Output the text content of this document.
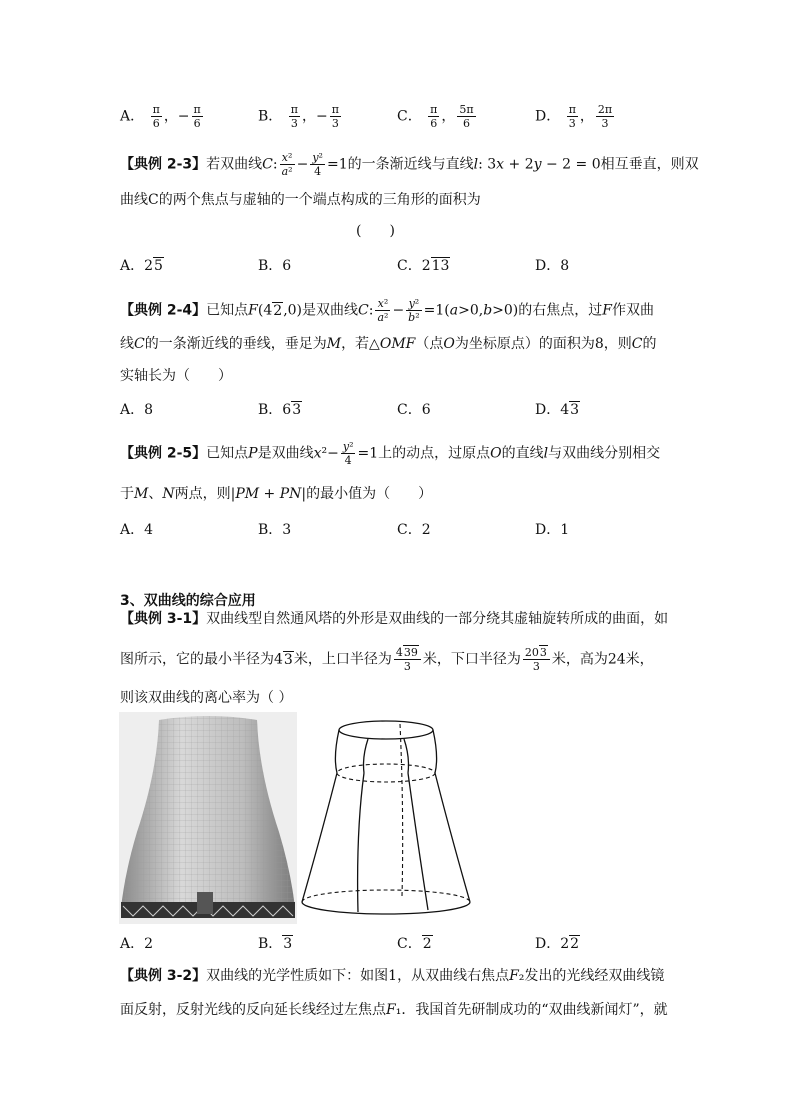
A． $\frac{\pi}{6}$ ，− $\frac{\pi}{6}$	B． $\frac{\pi}{3}$ ，− $\frac{\pi}{3}$	C． $\frac{\pi}{6}$ ， $\frac{5\pi}{6}$	D． $\frac{\pi}{3}$ ， $\frac{2\pi}{3}$
【典例 2-3】若双曲线C: $\frac{\text{x²}}{\text{a²}} - \frac{\text{y²}}{4} =1$的一条渐近线与直线l: 3x + 2y − 2 = 0相互垂直，则双
曲线C的两个焦点与虚轴的一个端点构成的三角形的面积为
(　　)
A．25	B．6	C．213	D．8
【典例 2-4】已知点F(42,0)是双曲线C: $\frac{\text{x²}}{\text{a²}} - \frac{\text{y²}}{\text{b²}} =1(a>0,b>0)$的右焦点，过F作双曲
线C的一条渐近线的垂线，垂足为M，若△OMF（点O为坐标原点）的面积为8，则C的
实轴长为（　　）
A．8	B．63	C．6	D．43
【典例 2-5】已知点P是双曲线$x^2- \frac{\text{y²}}{4} =1$上的动点，过原点O的直线l与双曲线分别相交
于M、N两点，则|PM + PN|的最小值为（　　）
A．4	B．3	C．2	D．1
3、双曲线的综合应用
【典例 3-1】双曲线型自然通风塔的外形是双曲线的一部分绕其虚轴旋转所成的曲面，如
图所示，它的最小半径为43米，上口半径为 $\frac{439}{3}$ 米，下口半径为 $\frac{203}{3}$ 米，高为24米，
则该双曲线的离心率为（ ）
A．2	B．3	C．2	D．22
【典例 3-2】双曲线的光学性质如下：如图1，从双曲线右焦点F₂发出的光线经双曲线镜
面反射，反射光线的反向延长线经过左焦点F₁．我国首先研制成功的“双曲线新闻灯”，就
